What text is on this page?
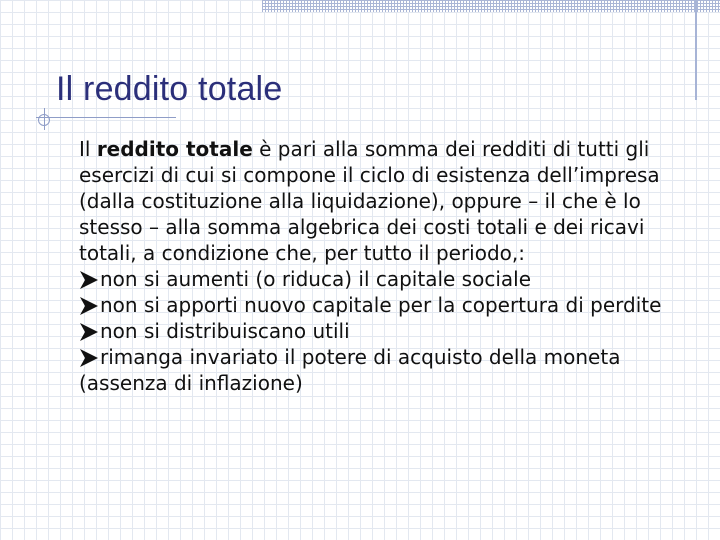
Il reddito totale

Il reddito totale è pari alla somma dei redditi di tutti gli esercizi di cui si compone il ciclo di esistenza dell’impresa (dalla costituzione alla liquidazione), oppure – il che è lo stesso – alla somma algebrica dei costi totali e dei ricavi totali, a condizione che, per tutto il periodo,:

non si aumenti (o riduca) il capitale sociale

non si apporti nuovo capitale per la copertura di perdite

non si distribuiscano utili

rimanga invariato il potere di acquisto della moneta (assenza di inflazione)
